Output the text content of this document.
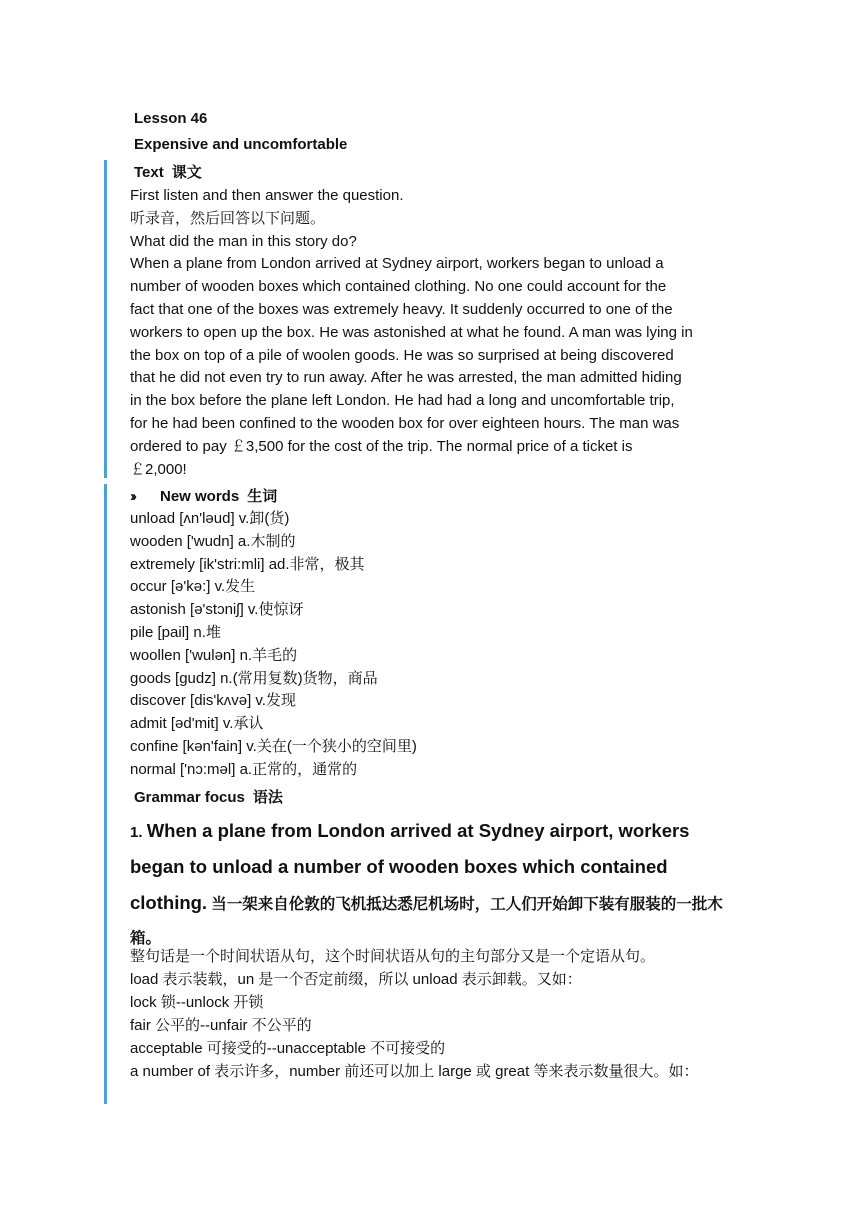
Lesson 46
Expensive and uncomfortable
Text 课文
First listen and then answer the question.
听录音，然后回答以下问题。
What did the man in this story do?
When a plane from London arrived at Sydney airport, workers began to unload a
number of wooden boxes which contained clothing. No one could account for the
fact that one of the boxes was extremely heavy. It suddenly occurred to one of the
workers to open up the box. He was astonished at what he found. A man was lying in
the box on top of a pile of woolen goods. He was so surprised at being discovered
that he did not even try to run away. After he was arrested, the man admitted hiding
in the box before the plane left London. He had had a long and uncomfortable trip,
for he had been confined to the wooden box for over eighteen hours. The man was
ordered to pay ￡3,500 for the cost of the trip. The normal price of a ticket is
￡2,000!
›› New words 生词
unload [ʌn'ləud] v.卸(货)
wooden ['wudn] a.木制的
extremely [ik'stri:mli] ad.非常，极其
occur [ə'kə:] v.发生
astonish [ə'stɔniʃ] v.使惊讶
pile [pail] n.堆
woollen ['wulən] n.羊毛的
goods [gudz] n.(常用复数)货物，商品
discover [dis'kʌvə] v.发现
admit [əd'mit] v.承认
confine [kən'fain] v.关在(一个狭小的空间里)
normal ['nɔ:məl] a.正常的，通常的
Grammar focus 语法
1. When a plane from London arrived at Sydney airport, workers began to unload a number of wooden boxes which contained clothing. 当一架来自伦敦的飞机抵达悉尼机场时，工人们开始卸下装有服装的一批木箱。
整句话是一个时间状语从句，这个时间状语从句的主句部分又是一个定语从句。
load 表示装载，un 是一个否定前缀，所以 unload 表示卸载。又如：
lock 锁--unlock 开锁
fair 公平的--unfair 不公平的
acceptable 可接受的--unacceptable 不可接受的
a number of 表示许多，number 前还可以加上 large 或 great 等来表示数量很大。如：
